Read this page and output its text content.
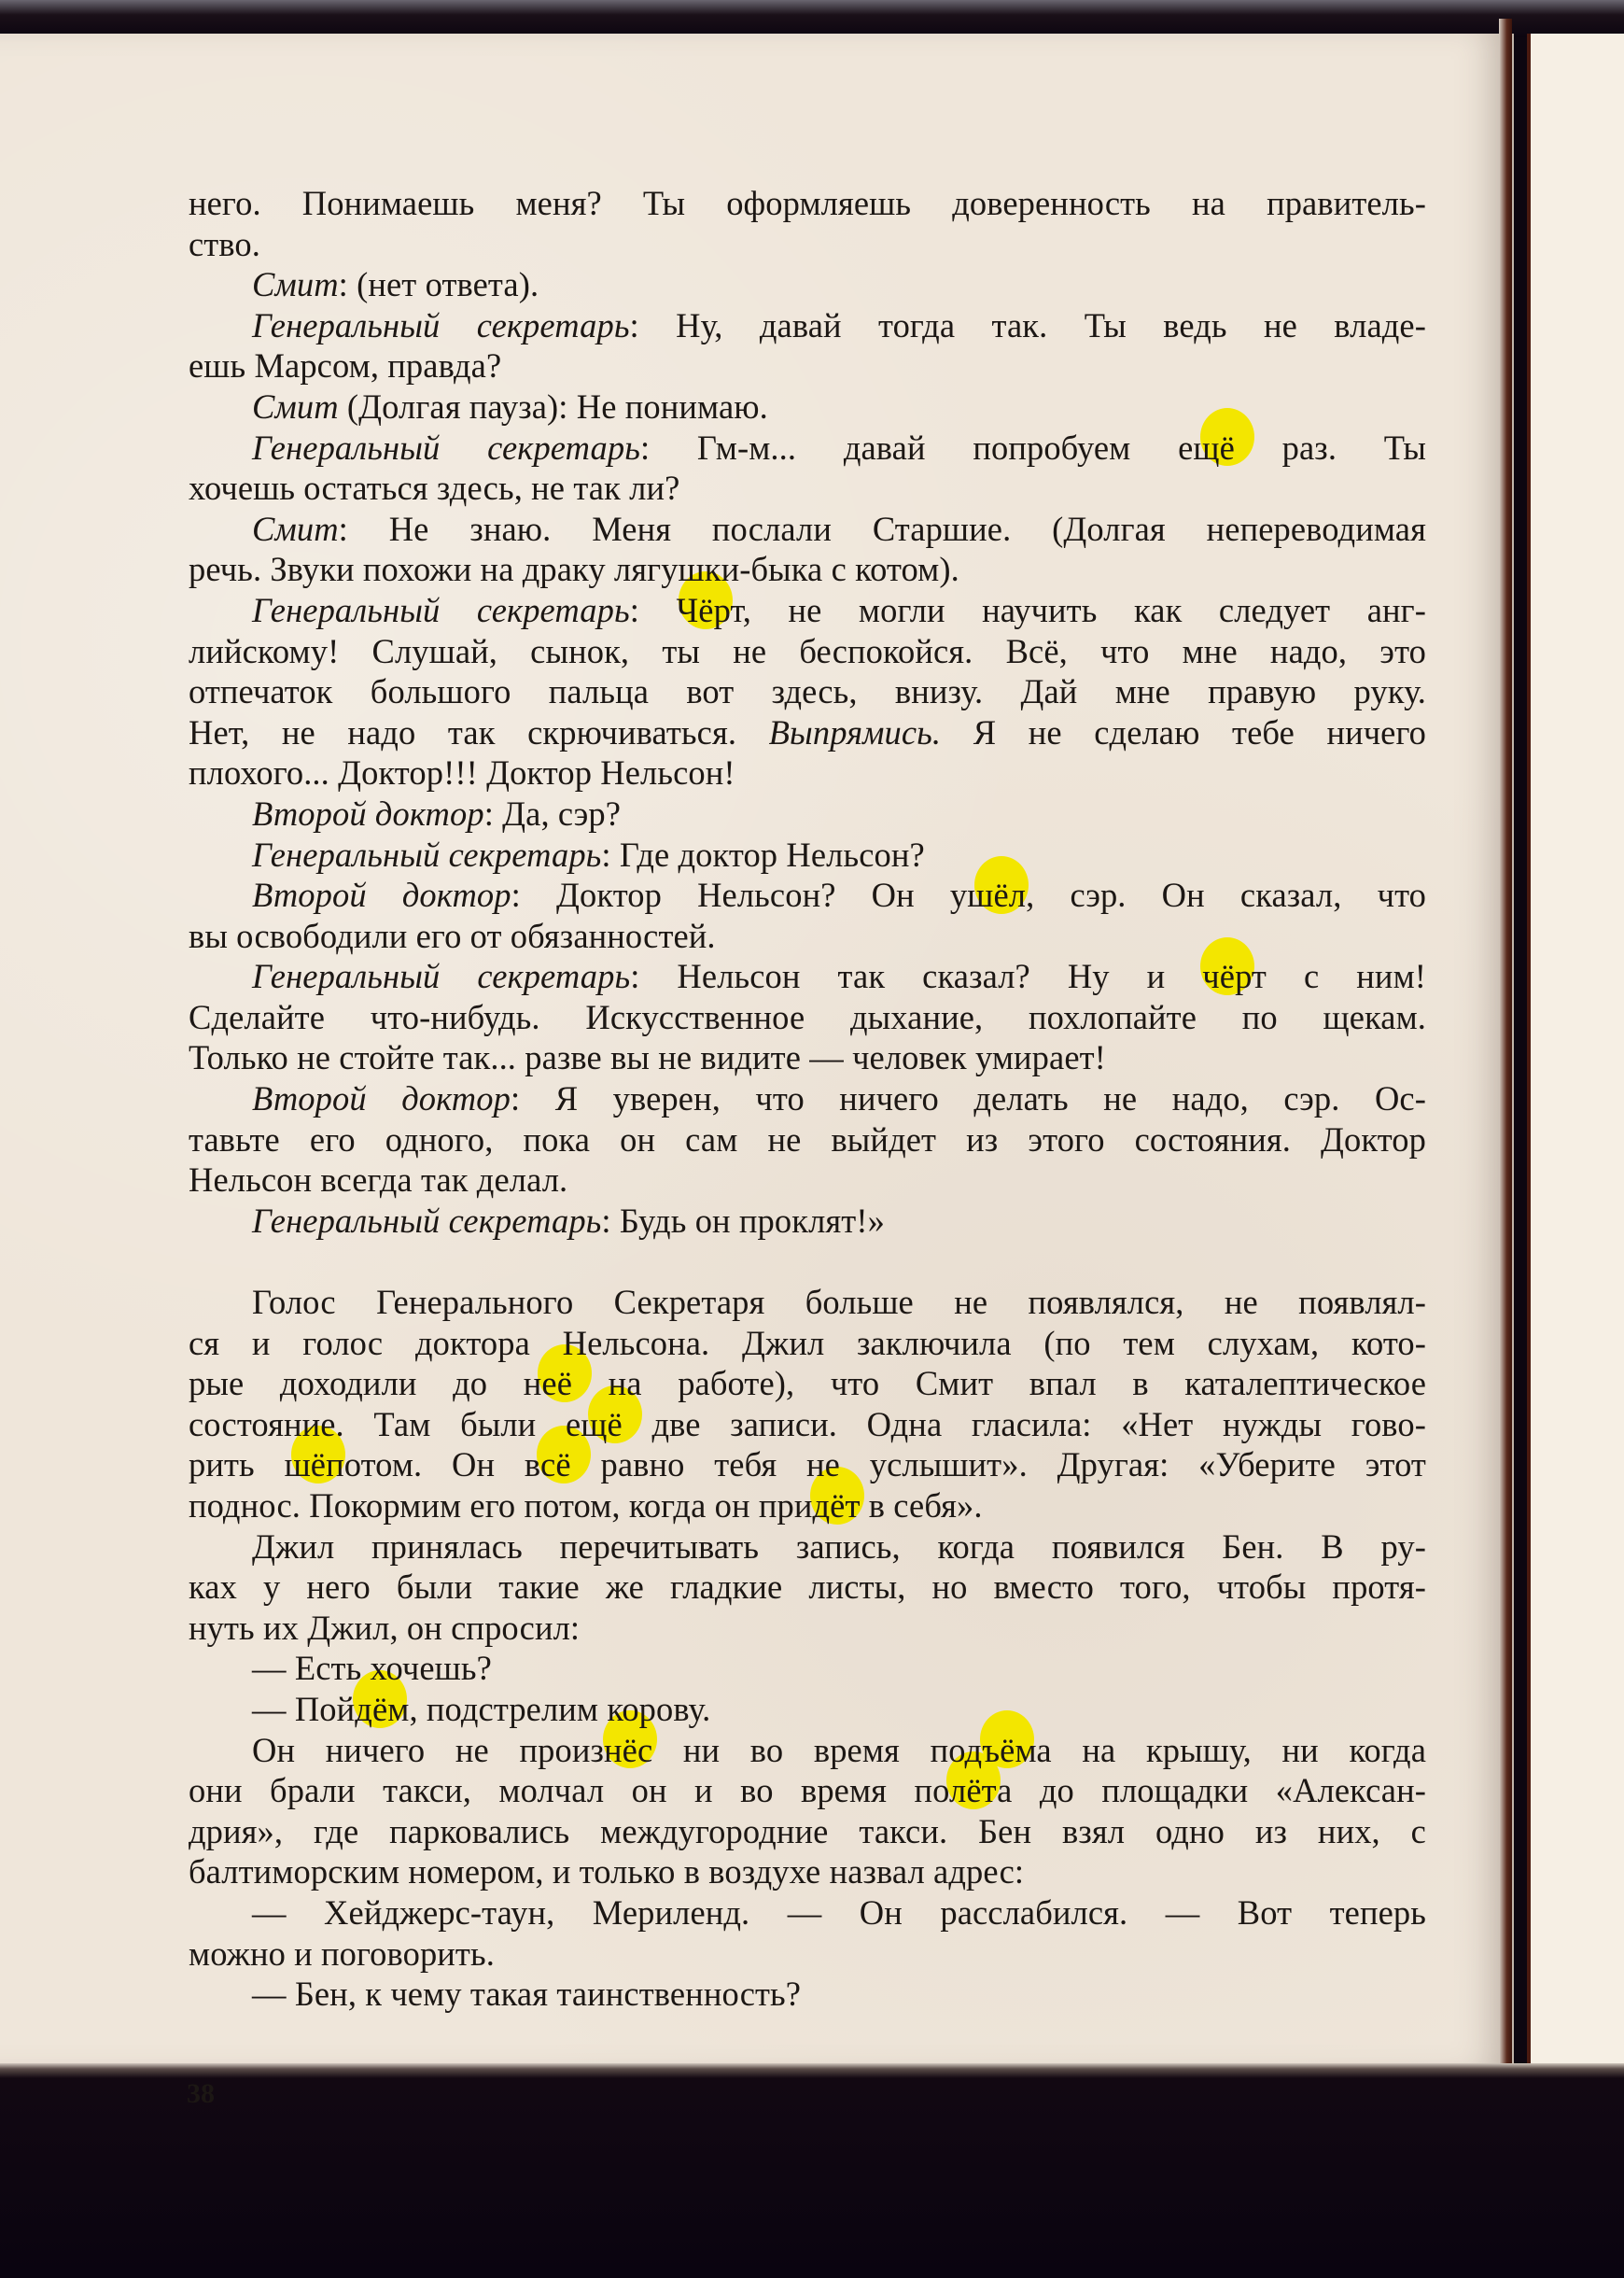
него. Понимаешь меня? Ты оформляешь доверенность на правитель-
ство.
Смит: (нет ответа).
Генеральный секретарь: Ну, давай тогда так. Ты ведь не владе-
ешь Марсом, правда?
Смит (Долгая пауза): Не понимаю.
Генеральный секретарь: Гм-м... давай попробуем ещё раз. Ты
хочешь остаться здесь, не так ли?
Смит: Не знаю. Меня послали Старшие. (Долгая непереводимая
речь. Звуки похожи на драку лягушки-быка с котом).
Генеральный секретарь: Чёрт, не могли научить как следует анг-
лийскому! Слушай, сынок, ты не беспокойся. Всё, что мне надо, это
отпечаток большого пальца вот здесь, внизу. Дай мне правую руку.
Нет, не надо так скрючиваться. Выпрямись. Я не сделаю тебе ничего
плохого... Доктор!!! Доктор Нельсон!
Второй доктор: Да, сэр?
Генеральный секретарь: Где доктор Нельсон?
Второй доктор: Доктор Нельсон? Он ушёл, сэр. Он сказал, что
вы освободили его от обязанностей.
Генеральный секретарь: Нельсон так сказал? Ну и чёрт с ним!
Сделайте что-нибудь. Искусственное дыхание, похлопайте по щекам.
Только не стойте так... разве вы не видите — человек умирает!
Второй доктор: Я уверен, что ничего делать не надо, сэр. Ос-
тавьте его одного, пока он сам не выйдет из этого состояния. Доктор
Нельсон всегда так делал.
Генеральный секретарь: Будь он проклят!»
Голос Генерального Секретаря больше не появлялся, не появлял-
ся и голос доктора Нельсона. Джил заключила (по тем слухам, кото-
рые доходили до неё на работе), что Смит впал в каталептическое
состояние. Там были ещё две записи. Одна гласила: «Нет нужды гово-
рить шёпотом. Он всё равно тебя не услышит». Другая: «Уберите этот
поднос. Покормим его потом, когда он придёт в себя».
Джил принялась перечитывать запись, когда появился Бен. В ру-
ках у него были такие же гладкие листы, но вместо того, чтобы протя-
нуть их Джил, он спросил:
— Есть хочешь?
— Пойдём, подстрелим корову.
Он ничего не произнёс ни во время подъёма на крышу, ни когда
они брали такси, молчал он и во время полёта до площадки «Алексан-
дрия», где парковались междугородние такси. Бен взял одно из них, с
балтиморским номером, и только в воздухе назвал адрес:
— Хейджерс-таун, Мериленд. — Он расслабился. — Вот теперь
можно и поговорить.
— Бен, к чему такая таинственность?
38
